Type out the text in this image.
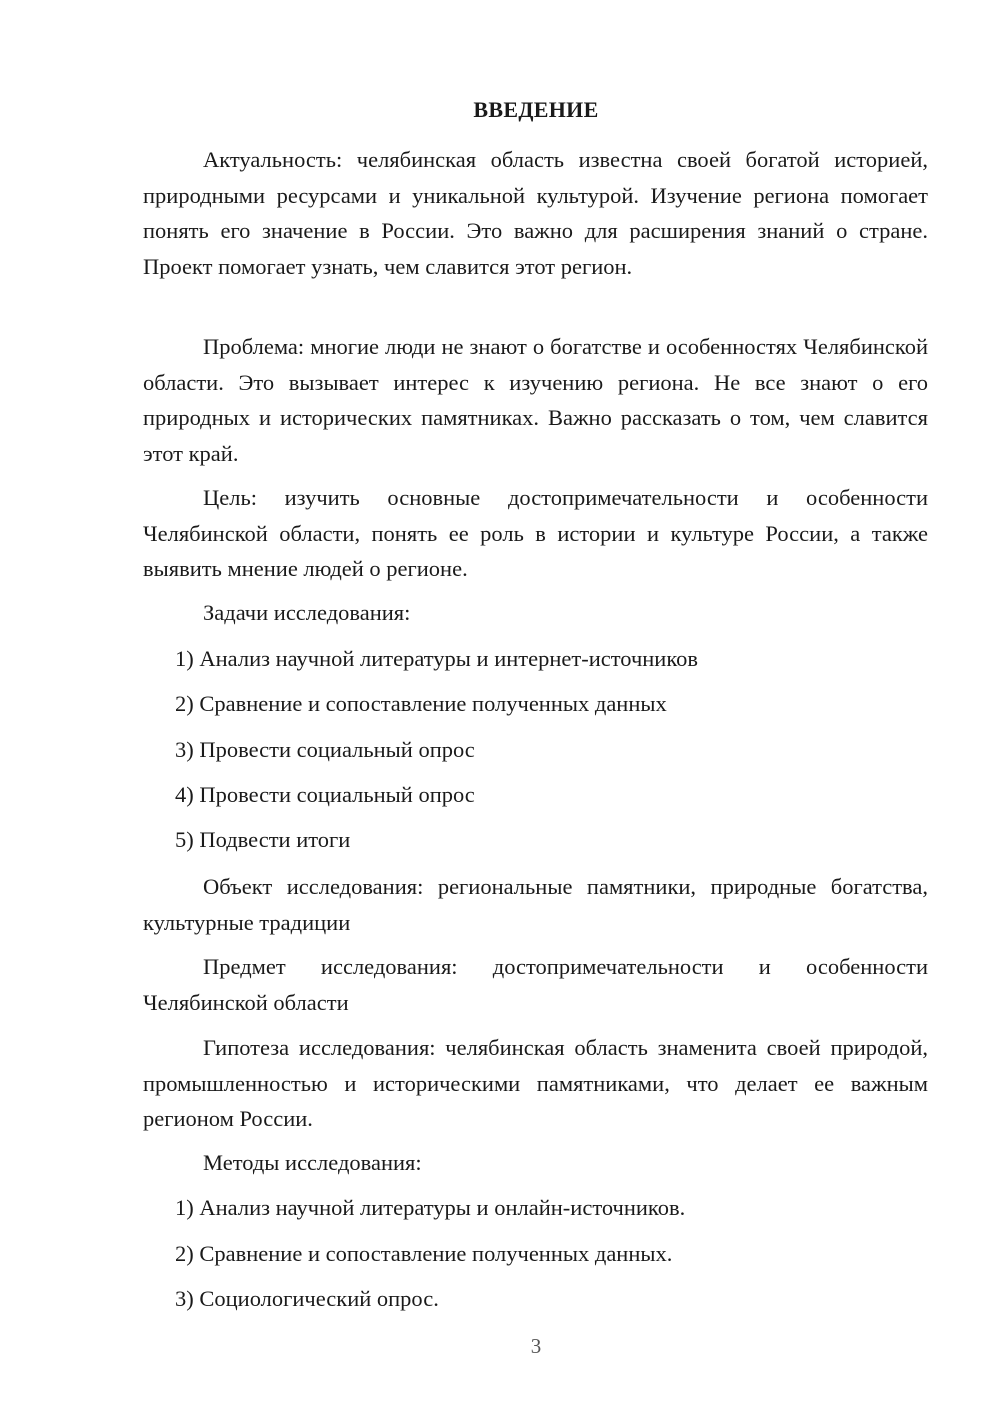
ВВЕДЕНИЕ

Актуальность: челябинская область известна своей богатой историей, природными ресурсами и уникальной культурой. Изучение региона помогает понять его значение в России. Это важно для расширения знаний о стране. Проект помогает узнать, чем славится этот регион.

Проблема: многие люди не знают о богатстве и особенностях Челябинской области. Это вызывает интерес к изучению региона. Не все знают о его природных и исторических памятниках. Важно рассказать о том, чем славится этот край.

Цель: изучить основные достопримечательности и особенности Челябинской области, понять ее роль в истории и культуре России, а также выявить мнение людей о регионе.

Задачи исследования:

1) Анализ научной литературы и интернет-источников

2) Сравнение и сопоставление полученных данных

3) Провести социальный опрос

4) Провести социальный опрос

5) Подвести итоги

Объект исследования: региональные памятники, природные богатства, культурные традиции

Предмет исследования: достопримечательности и особенности Челябинской области

Гипотеза исследования: челябинская область знаменита своей природой, промышленностью и историческими памятниками, что делает ее важным регионом России.

Методы исследования:

1) Анализ научной литературы и онлайн-источников.

2) Сравнение и сопоставление полученных данных.

3) Социологический опрос.

3
